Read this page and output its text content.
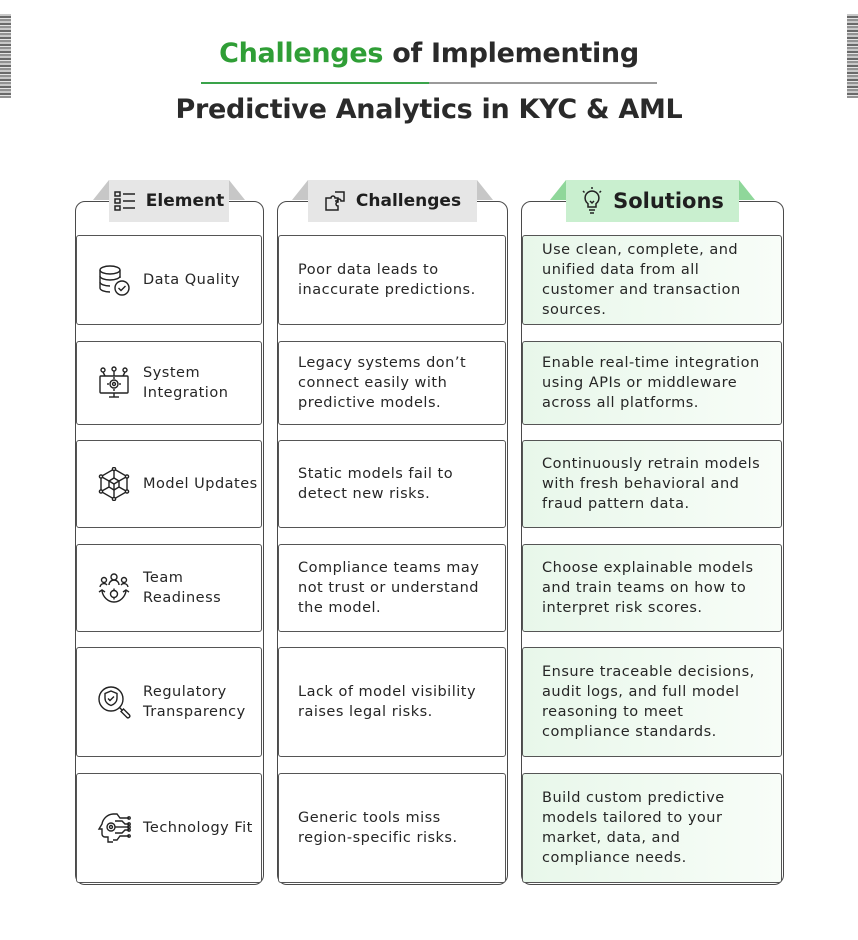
Challenges of Implementing
Predictive Analytics in KYC & AML
Element	Challenges	Solutions
Data Quality
Poor data leads to inaccurate predictions.
Use clean, complete, and unified data from all customer and transaction sources.
System Integration
Legacy systems don’t connect easily with predictive models.
Enable real-time integration using APIs or middleware across all platforms.
Model Updates
Static models fail to detect new risks.
Continuously retrain models with fresh behavioral and fraud pattern data.
Team Readiness
Compliance teams may not trust or understand the model.
Choose explainable models and train teams on how to interpret risk scores.
Regulatory Transparency
Lack of model visibility raises legal risks.
Ensure traceable decisions, audit logs, and full model reasoning to meet compliance standards.
Technology Fit
Generic tools miss region-specific risks.
Build custom predictive models tailored to your market, data, and compliance needs.
